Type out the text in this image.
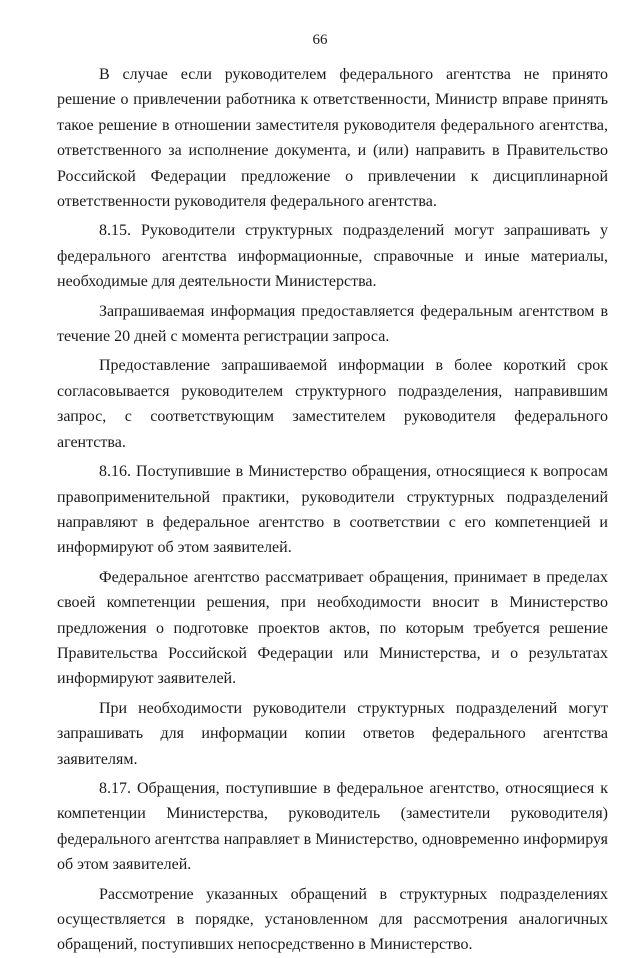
66

В случае если руководителем федерального агентства не принято решение о привлечении работника к ответственности, Министр вправе принять такое решение в отношении заместителя руководителя федерального агентства, ответственного за исполнение документа, и (или) направить в Правительство Российской Федерации предложение о привлечении к дисциплинарной ответственности руководителя федерального агентства.

8.15. Руководители структурных подразделений могут запрашивать у федерального агентства информационные, справочные и иные материалы, необходимые для деятельности Министерства.

Запрашиваемая информация предоставляется федеральным агентством в течение 20 дней с момента регистрации запроса.

Предоставление запрашиваемой информации в более короткий срок согласовывается руководителем структурного подразделения, направившим запрос, с соответствующим заместителем руководителя федерального агентства.

8.16. Поступившие в Министерство обращения, относящиеся к вопросам правоприменительной практики, руководители структурных подразделений направляют в федеральное агентство в соответствии с его компетенцией и информируют об этом заявителей.

Федеральное агентство рассматривает обращения, принимает в пределах своей компетенции решения, при необходимости вносит в Министерство предложения о подготовке проектов актов, по которым требуется решение Правительства Российской Федерации или Министерства, и о результатах информируют заявителей.

При необходимости руководители структурных подразделений могут запрашивать для информации копии ответов федерального агентства заявителям.

8.17. Обращения, поступившие в федеральное агентство, относящиеся к компетенции Министерства, руководитель (заместители руководителя) федерального агентства направляет в Министерство, одновременно информируя об этом заявителей.

Рассмотрение указанных обращений в структурных подразделениях осуществляется в порядке, установленном для рассмотрения аналогичных обращений, поступивших непосредственно в Министерство.
